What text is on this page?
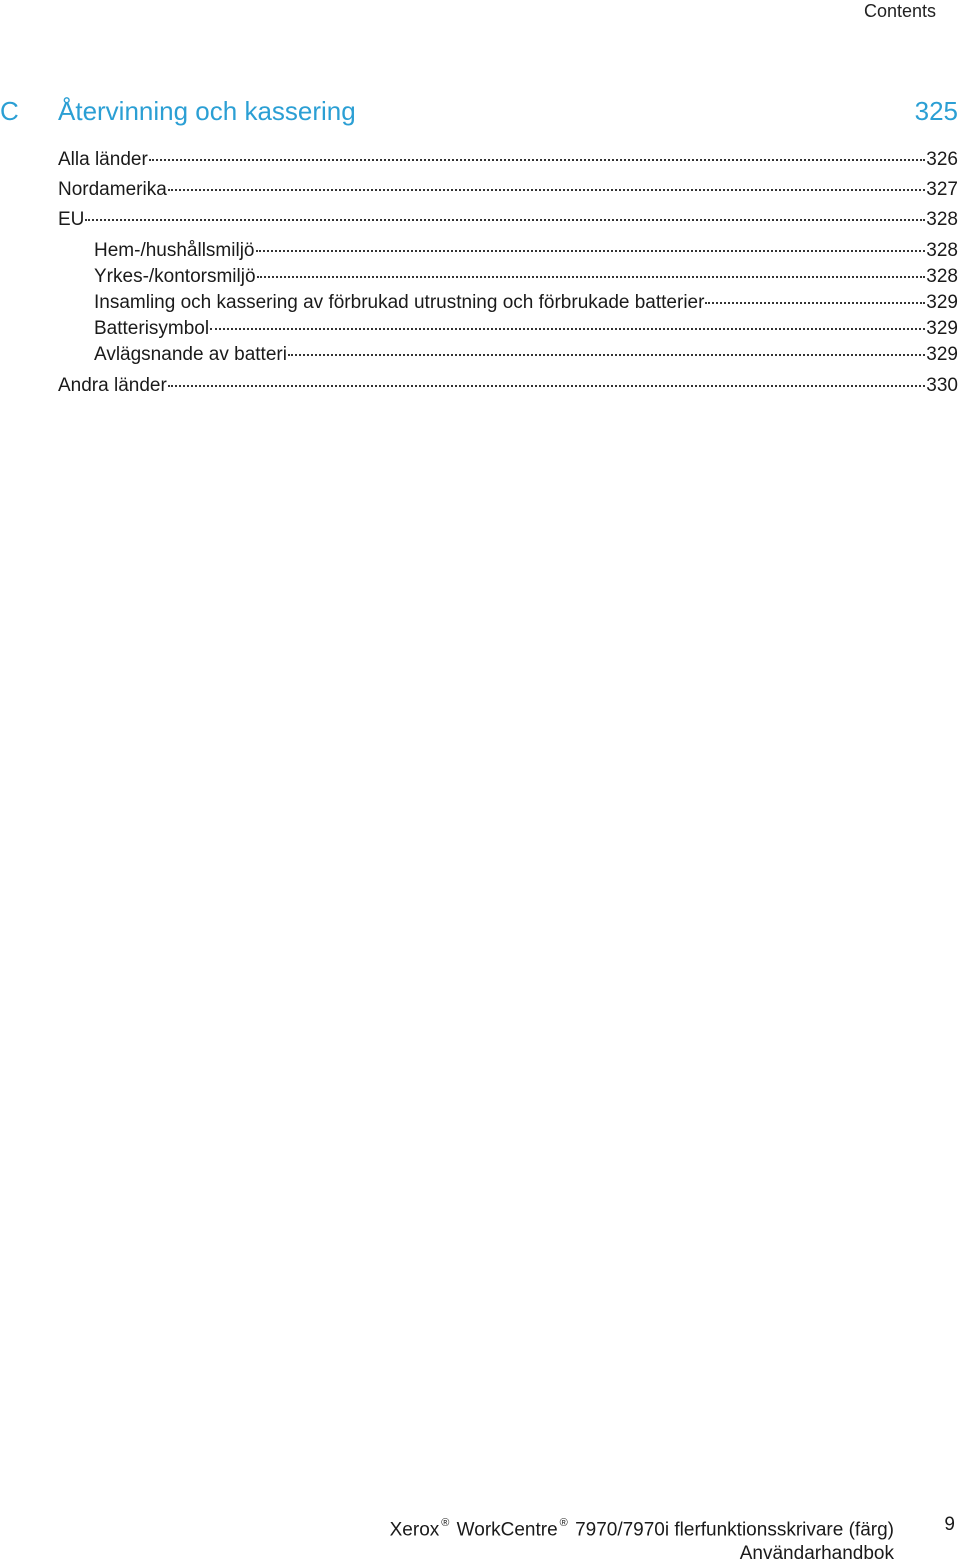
Contents
C Återvinning och kassering	325
Alla länder	326
Nordamerika	327
EU	328
Hem-/hushållsmiljö	328
Yrkes-/kontorsmiljö	328
Insamling och kassering av förbrukad utrustning och förbrukade batterier	329
Batterisymbol	329
Avlägsnande av batteri	329
Andra länder	330
Xerox ® WorkCentre ® 7970/7970i flerfunktionsskrivare (färg)
Användarhandbok
9
